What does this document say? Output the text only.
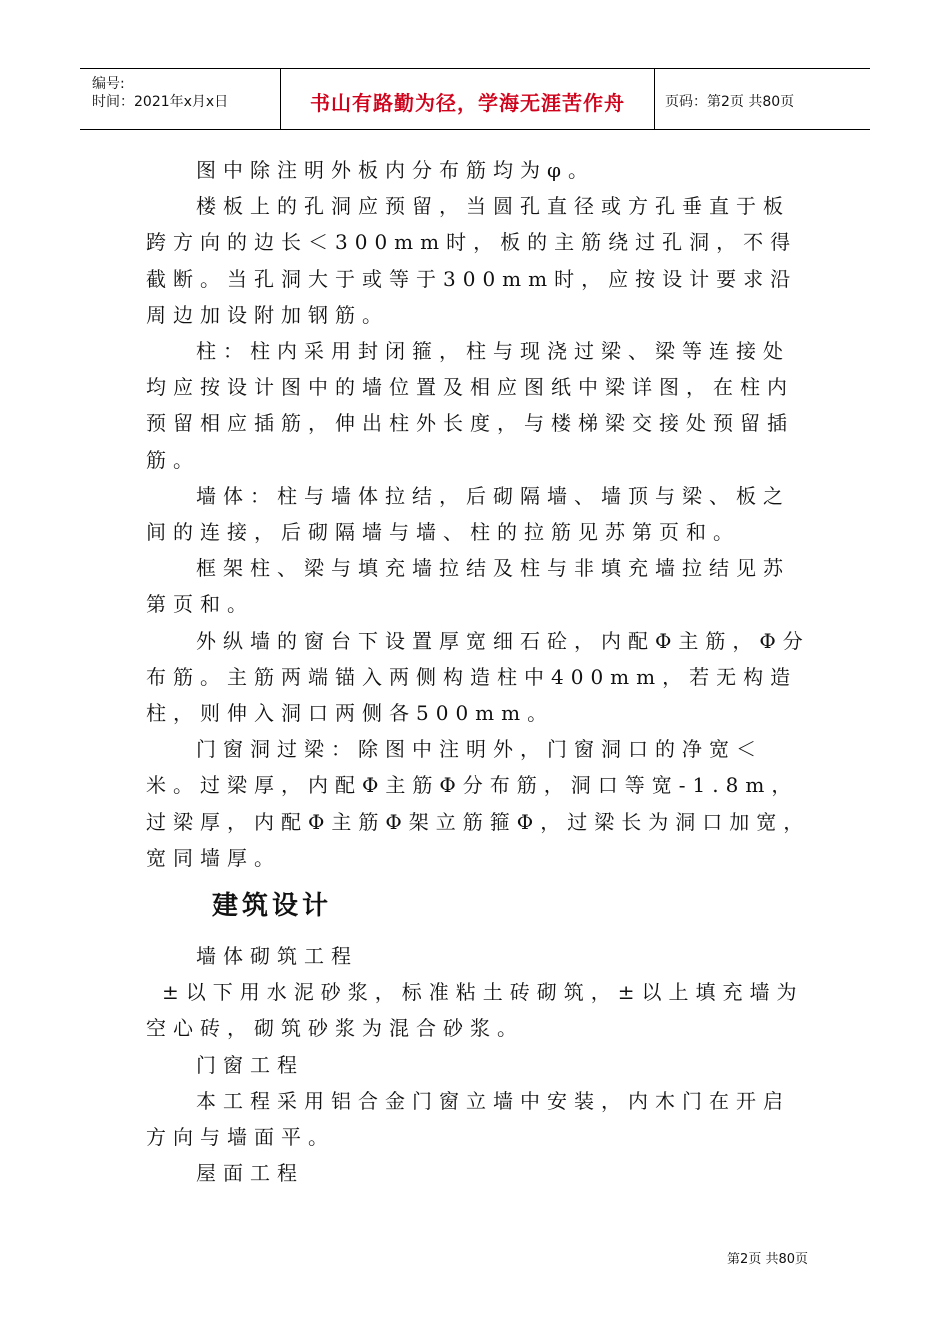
编号:
时间：2021年x月x日	书山有路勤为径，学海无涯苦作舟	页码：第2页 共80页

图中除注明外板内分布筋均为φ。

楼板上的孔洞应预留，当圆孔直径或方孔垂直于板跨方向的边长＜300mm时，板的主筋绕过孔洞，不得截断。当孔洞大于或等于300mm时，应按设计要求沿周边加设附加钢筋。

柱：柱内采用封闭箍，柱与现浇过梁、梁等连接处均应按设计图中的墙位置及相应图纸中梁详图，在柱内预留相应插筋，伸出柱外长度，与楼梯梁交接处预留插筋。

墙体：柱与墙体拉结，后砌隔墙、墙顶与梁、板之间的连接，后砌隔墙与墙、柱的拉筋见苏第页和。

框架柱、梁与填充墙拉结及柱与非填充墙拉结见苏第页和。

外纵墙的窗台下设置厚宽细石砼，内配Φ主筋，Φ分布筋。主筋两端锚入两侧构造柱中400mm，若无构造柱，则伸入洞口两侧各500mm。

门窗洞过梁：除图中注明外，门窗洞口的净宽＜米。过梁厚，内配Φ主筋Φ分布筋，洞口等宽-1.8m，过梁厚，内配Φ主筋Φ架立筋箍Φ，过梁长为洞口加宽，宽同墙厚。

建筑设计

墙体砌筑工程

±以下用水泥砂浆，标准粘土砖砌筑，±以上填充墙为空心砖，砌筑砂浆为混合砂浆。

门窗工程

本工程采用铝合金门窗立墙中安装，内木门在开启方向与墙面平。

屋面工程

第2页 共80页
